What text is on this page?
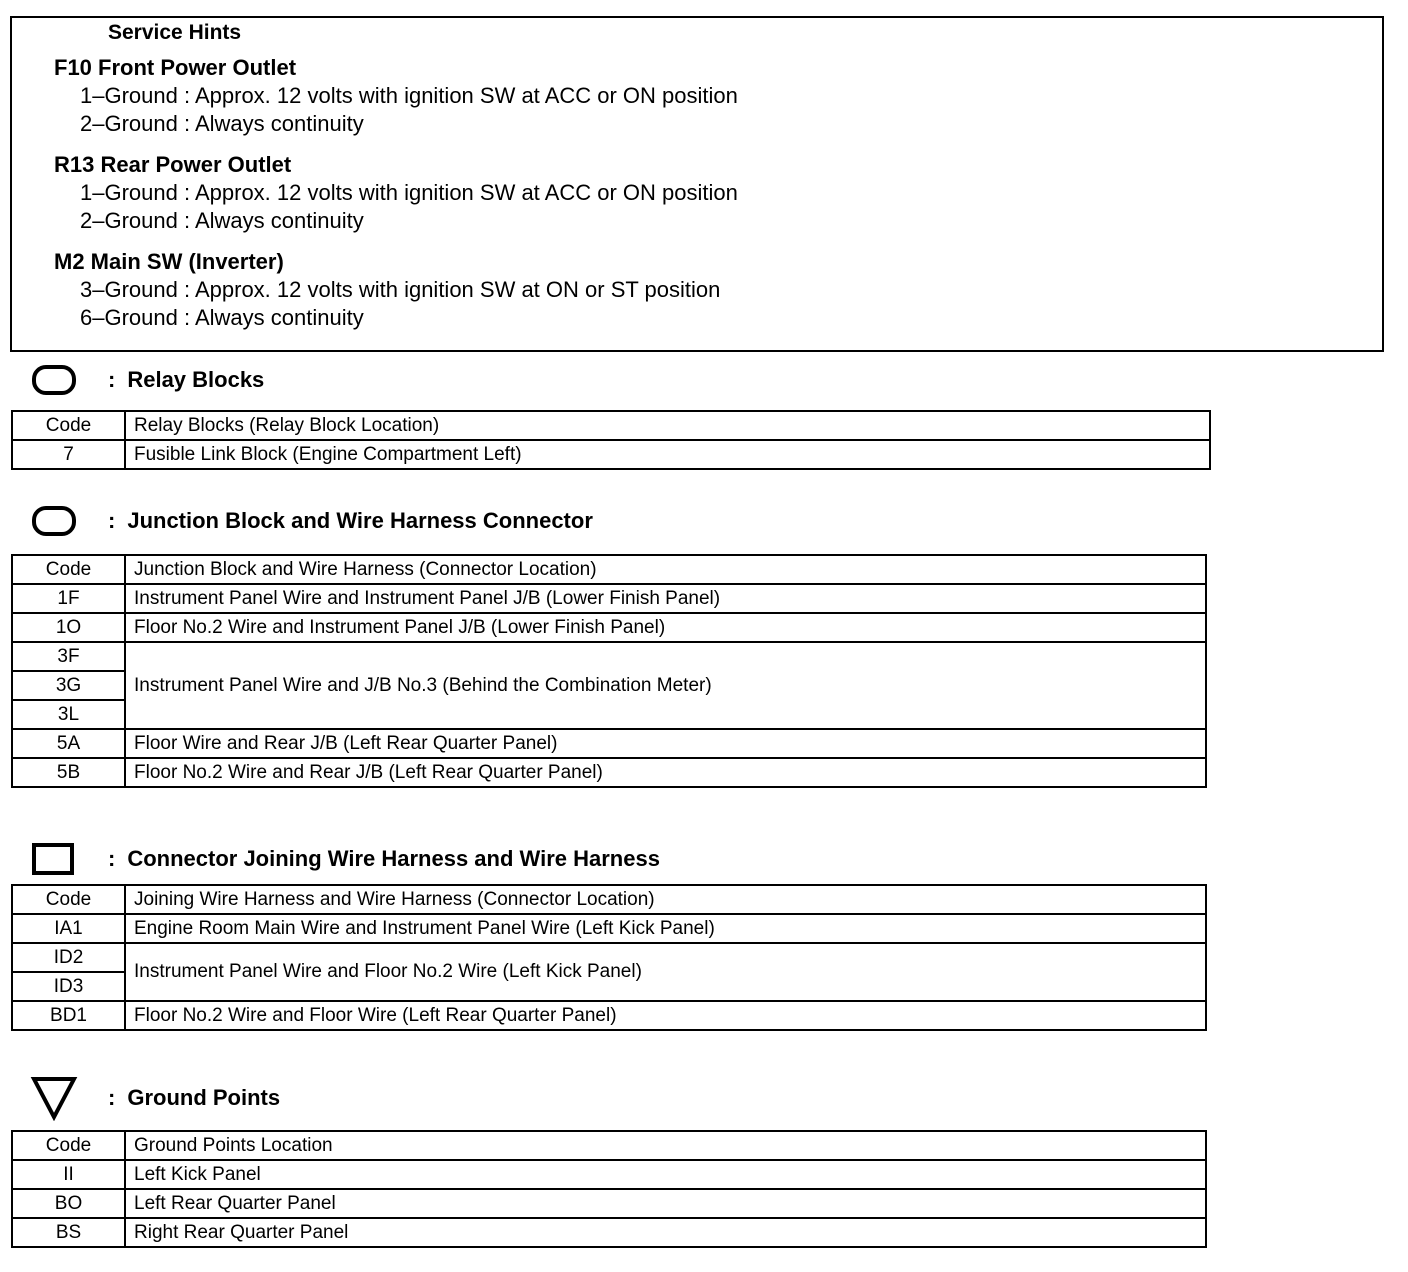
Service Hints
F10 Front Power Outlet
1–Ground : Approx. 12 volts with ignition SW at ACC or ON position
2–Ground : Always continuity
R13 Rear Power Outlet
1–Ground : Approx. 12 volts with ignition SW at ACC or ON position
2–Ground : Always continuity
M2 Main SW (Inverter)
3–Ground : Approx. 12 volts with ignition SW at ON or ST position
6–Ground : Always continuity
: Relay Blocks
Code	Relay Blocks (Relay Block Location)
7	Fusible Link Block (Engine Compartment Left)
: Junction Block and Wire Harness Connector
Code	Junction Block and Wire Harness (Connector Location)
1F	Instrument Panel Wire and Instrument Panel J/B (Lower Finish Panel)
1O	Floor No.2 Wire and Instrument Panel J/B (Lower Finish Panel)
3F	Instrument Panel Wire and J/B No.3 (Behind the Combination Meter)
3G	
3L	
5A	Floor Wire and Rear J/B (Left Rear Quarter Panel)
5B	Floor No.2 Wire and Rear J/B (Left Rear Quarter Panel)
: Connector Joining Wire Harness and Wire Harness
Code	Joining Wire Harness and Wire Harness (Connector Location)
IA1	Engine Room Main Wire and Instrument Panel Wire (Left Kick Panel)
ID2	Instrument Panel Wire and Floor No.2 Wire (Left Kick Panel)
ID3	
BD1	Floor No.2 Wire and Floor Wire (Left Rear Quarter Panel)
: Ground Points
Code	Ground Points Location
II	Left Kick Panel
BO	Left Rear Quarter Panel
BS	Right Rear Quarter Panel
